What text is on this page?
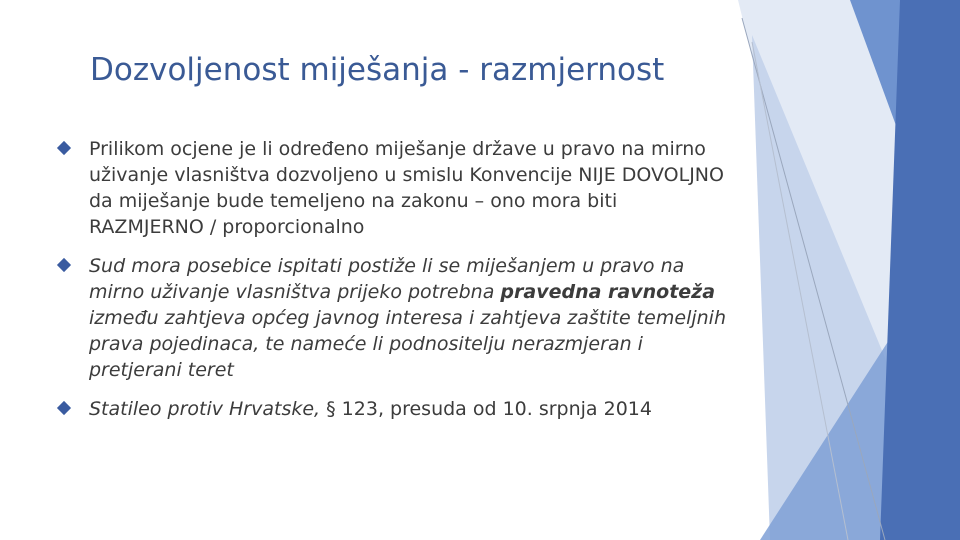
Dozvoljenost miješanja - razmjernost
Prilikom ocjene je li određeno miješanje države u pravo na mirno uživanje vlasništva dozvoljeno u smislu Konvencije NIJE DOVOLJNO da miješanje bude temeljeno na zakonu – ono mora biti RAZMJERNO / proporcionalno
Sud mora posebice ispitati postiže li se miješanjem u pravo na mirno uživanje vlasništva prijeko potrebna pravedna ravnoteža između zahtjeva općeg javnog interesa i zahtjeva zaštite temeljnih prava pojedinaca, te nameće li podnositelju nerazmjeran i pretjerani teret
Statileo protiv Hrvatske, § 123, presuda od 10. srpnja 2014
